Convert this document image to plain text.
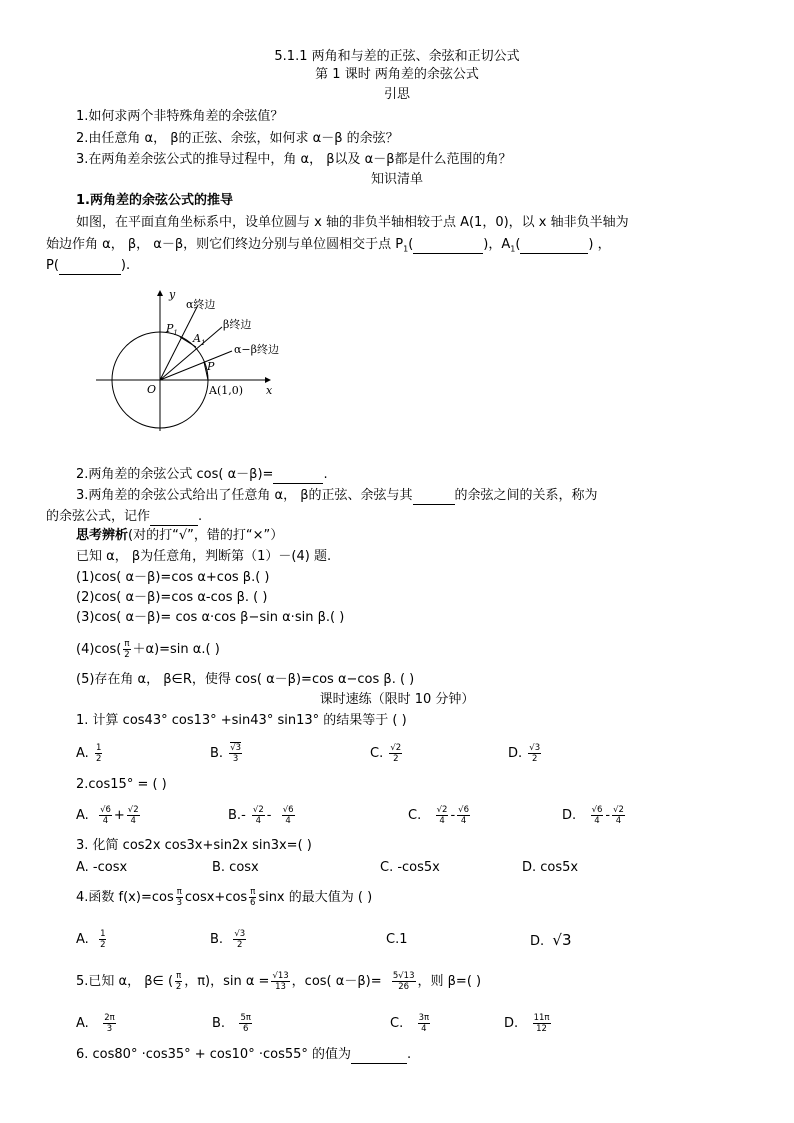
5.1.1 两角和与差的正弦、余弦和正切公式
第 1 课时 两角差的余弦公式
引思
1.如何求两个非特殊角差的余弦值？
2.由任意角 α， β的正弦、余弦，如何求 α－β 的余弦？
3.在两角差余弦公式的推导过程中，角 α， β以及 α－β都是什么范围的角？
知识清单
1.两角差的余弦公式的推导
如图，在平面直角坐标系中，设单位圆与 x 轴的非负半轴相较于点 A(1，0)，以 x 轴非负半轴为
始边作角 α， β， α－β，则它们终边分别与单位圆相交于点 $P_1$(	)，$A_1$(	) ，
P(	).
y
x
O
α终边
β终边
α−β终边
$P_1$ $A_1$
P
A(1,0)
2.两角差的余弦公式 cos( α－β)=	.
3.两角差的余弦公式给出了任意角 α， β的正弦、余弦与其	的余弦之间的关系，称为
的余弦公式，记作	.
思考辨析(对的打“√”，错的打“×”）
已知 α， β为任意角，判断第（1）－(4) 题.
(1)cos( α－β)=cos α+cos β.( )
(2)cos( α－β)=cos α-cos β. ( )
(3)cos( α－β)= cos α·cos β−sin α·sin β.( )
$(4)\cos( \frac{\pi}{2} +\alpha)=\sin$ α.( )
(5)存在角 α， β∈R，使得 cos( α－β)=cos α−cos β. ( )
课时速练（限时 10 分钟）
1. 计算 cos43° cos13° +sin43° sin13° 的结果等于 ( )
A. $\frac{1}{2}$	B. $\frac{√3}{3}$	C. $\frac{√2}{2}$	D. $\frac{√3}{2}$
2.cos15° = ( )
A. $\frac{√6}{4} + \frac{√2}{4}$	$B.- \frac{√2}{4} - \frac{√6}{4}$	C. $\frac{√2}{4} - \frac{√6}{4}$	D. $\frac{√6}{4} - \frac{√2}{4}$
3. 化简 cos2x cos3x+sin2x sin3x=( )
A. -cosx	B. cosx	C. -cos5x	D. cos5x
4.函数 $f(x)=\cos \frac{\pi}{3} \cos x+\cos \frac{\pi}{6}$ sinx 的最大值为 ( )
A. $\frac{1}{2}$	B. $\frac{√3}{2}$	C.1	D. √3
5.已知 α， β∈ ( $\frac{\pi}{2}$ ，π)，$\sin \alpha = \frac{√13}{13}$ ，cos( $\alpha-\beta)= \frac{5√13}{26}$ ，则 β=( )
A. $\frac{2\pi}{3}$	B. $\frac{5\pi}{6}$	C. $\frac{3\pi}{4}$	D. $\frac{11\pi}{12}$
6. cos80° ·cos35° + cos10° ·cos55° 的值为	.
